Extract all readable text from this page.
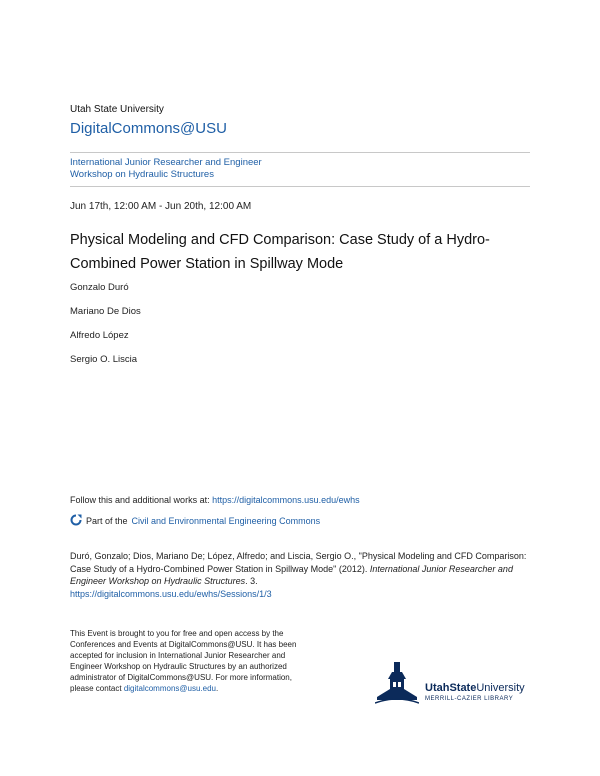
Utah State University
DigitalCommons@USU
International Junior Researcher and Engineer
Workshop on Hydraulic Structures
Jun 17th, 12:00 AM - Jun 20th, 12:00 AM
Physical Modeling and CFD Comparison: Case Study of a Hydro-Combined Power Station in Spillway Mode
Gonzalo Duró
Mariano De Dios
Alfredo López
Sergio O. Liscia
Follow this and additional works at: https://digitalcommons.usu.edu/ewhs
Part of the Civil and Environmental Engineering Commons
Duró, Gonzalo; Dios, Mariano De; López, Alfredo; and Liscia, Sergio O., "Physical Modeling and CFD Comparison: Case Study of a Hydro-Combined Power Station in Spillway Mode" (2012). International Junior Researcher and Engineer Workshop on Hydraulic Structures. 3.
https://digitalcommons.usu.edu/ewhs/Sessions/1/3
This Event is brought to you for free and open access by the Conferences and Events at DigitalCommons@USU. It has been accepted for inclusion in International Junior Researcher and Engineer Workshop on Hydraulic Structures by an authorized administrator of DigitalCommons@USU. For more information, please contact digitalcommons@usu.edu.	UtahStateUniversity
MERRILL-CAZIER LIBRARY
